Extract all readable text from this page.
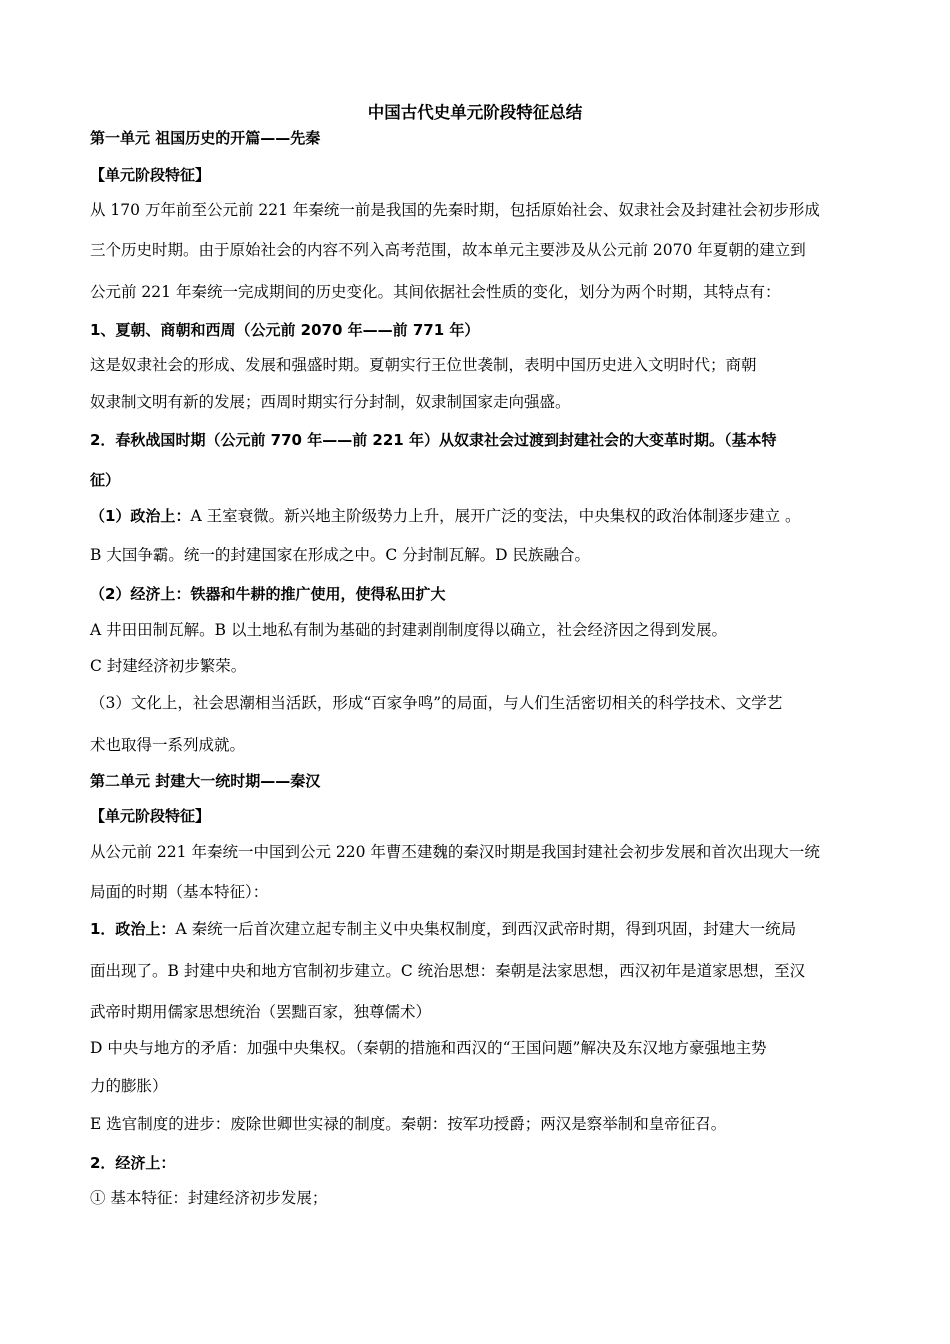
中国古代史单元阶段特征总结
第一单元 祖国历史的开篇——先秦
【单元阶段特征】
从 170 万年前至公元前 221 年秦统一前是我国的先秦时期，包括原始社会、奴隶社会及封建社会初步形成
三个历史时期。由于原始社会的内容不列入高考范围，故本单元主要涉及从公元前 2070 年夏朝的建立到
公元前 221 年秦统一完成期间的历史变化。其间依据社会性质的变化，划分为两个时期，其特点有：
1、夏朝、商朝和西周（公元前 2070 年——前 771 年）
这是奴隶社会的形成、发展和强盛时期。夏朝实行王位世袭制，表明中国历史进入文明时代；商朝
奴隶制文明有新的发展；西周时期实行分封制，奴隶制国家走向强盛。
2．春秋战国时期（公元前 770 年——前 221 年）从奴隶社会过渡到封建社会的大变革时期。（基本特
征）
（1）政治上：A 王室衰微。新兴地主阶级势力上升，展开广泛的变法，中央集权的政治体制逐步建立 。
B 大国争霸。统一的封建国家在形成之中。C 分封制瓦解。D 民族融合。
（2）经济上：铁器和牛耕的推广使用，使得私田扩大
A 井田田制瓦解。B 以土地私有制为基础的封建剥削制度得以确立，社会经济因之得到发展。
C 封建经济初步繁荣。
（3）文化上，社会思潮相当活跃，形成“百家争鸣”的局面，与人们生活密切相关的科学技术、文学艺
术也取得一系列成就。
第二单元 封建大一统时期——秦汉
【单元阶段特征】
从公元前 221 年秦统一中国到公元 220 年曹丕建魏的秦汉时期是我国封建社会初步发展和首次出现大一统
局面的时期（基本特征）：
1．政治上：A 秦统一后首次建立起专制主义中央集权制度，到西汉武帝时期，得到巩固，封建大一统局
面出现了。B 封建中央和地方官制初步建立。C 统治思想：秦朝是法家思想，西汉初年是道家思想，至汉
武帝时期用儒家思想统治（罢黜百家，独尊儒术）
D 中央与地方的矛盾：加强中央集权。（秦朝的措施和西汉的“王国问题”解决及东汉地方豪强地主势
力的膨胀）
E 选官制度的进步：废除世卿世实禄的制度。秦朝：按军功授爵；两汉是察举制和皇帝征召。
2．经济上：
① 基本特征：封建经济初步发展；
